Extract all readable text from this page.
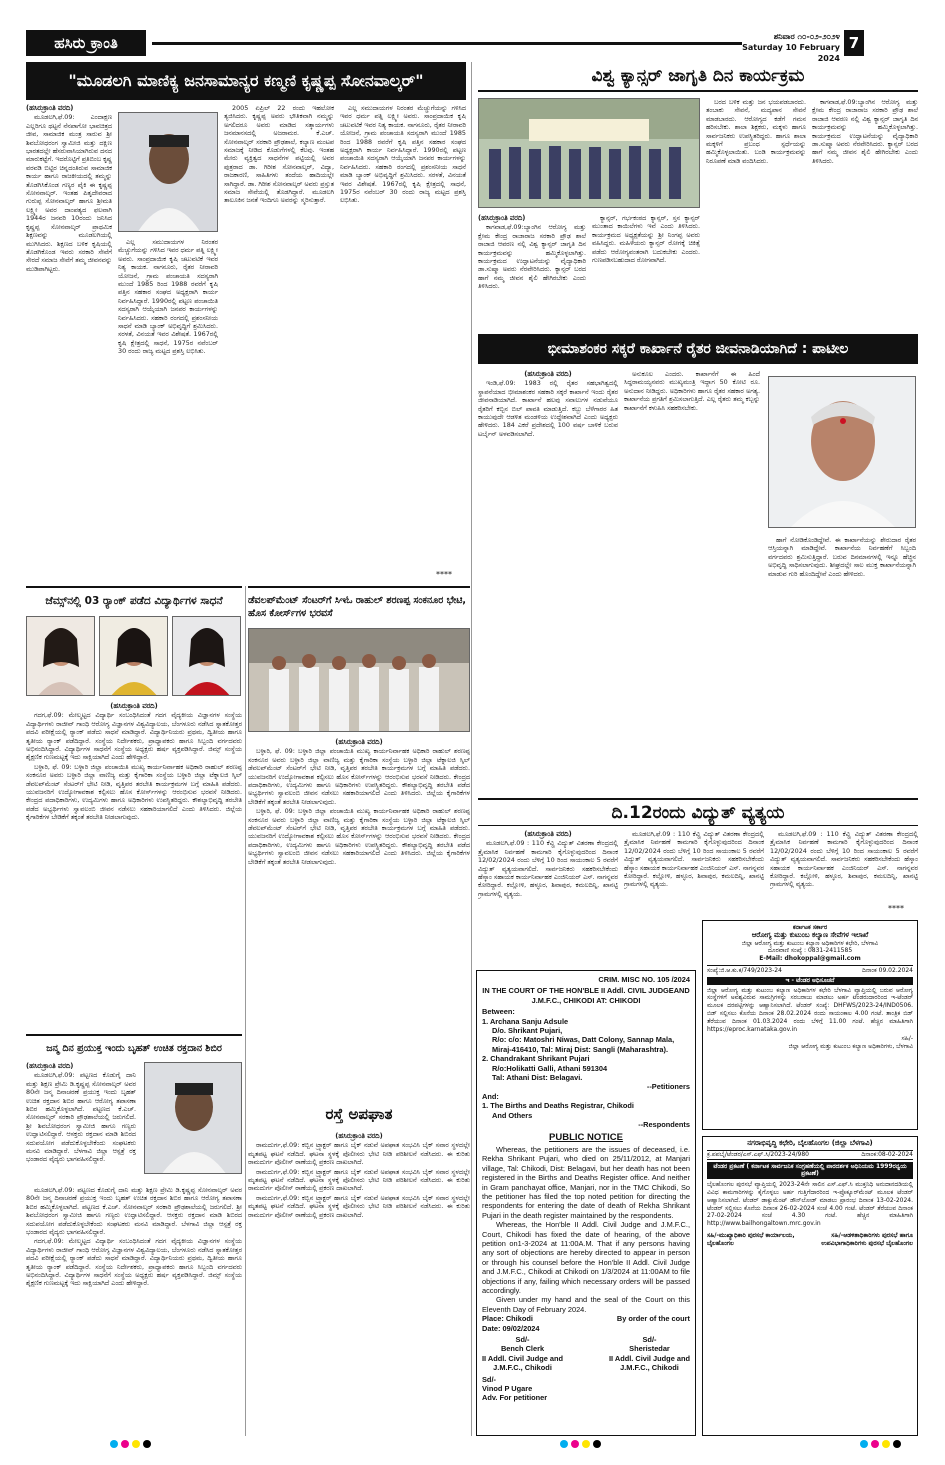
ಹಸಿರು ಕ್ರಾಂತಿ	ಶನಿವಾರ ೧೦-೦೨-೨೦೨೪
Saturday 10 February 2024
7
"ಮೂಡಲಗಿ ಮಾಣಿಕ್ಯ ಜನಸಾಮಾನ್ಯರ ಕಣ್ಮಣಿ ಕೃಷ್ಣಪ್ಪ ಸೋನವಾಲ್ಕರ್"

(ಹಸಿರುಕ್ರಾಂತಿ ವರದಿ)

ಮೂಡಲಗಿ,ಫೆ.09: ಎಂದಾಕ್ಷಣ ಎಲ್ಲರಿಗೂ ಥಟ್ಟನೆ ನೆನಪಾಗೋ ಭಾವಚಿತ್ರದ ಜೀವ, ಸಾಮಾಜಿಕ ಮಂತ್ರ ಸಾರುವ ಶ್ರೀ ಶಿವಬೋಧರಂಗ ಸ್ವಾಮೀಜಿ ಮತ್ತು ದಕ್ಷಿಣ ಭಾರತದಲ್ಲೇ ಹೆಸರುವಾಸಿಯಾಗಿರುವ ದನದ ಮಾರುಕಟ್ಟೆಗೆ. ಇದರೊಟ್ಟಿಗೆ ಪ್ರತಿಬಿಂಬ ಕೃಷ್ಣ ವರವಡಿ ಬಿಟ್ಟಿರ ಚಿನ್ನದಂತಿರುವ ಸಾಮಾಜಿಕ ಕಾರ್ಯ ಹಾಗೂ ರಾಜಕೀಯದಲ್ಲಿ ತಮ್ಮನ್ನು ತೊಡಗಿಸಿಕೊಂಡ ಗಣ್ಯರ ಪೈಕಿ ಈ ಕೃಷ್ಣಪ್ಪ ಸೋನವಾಲ್ಕರ್. ಇಂತಹ ಪಿತೃದೇವರಾದ ಗುರುಪ್ಪ ಸೋನವಾಲ್ಕರ್ ಹಾಗೂ ಶ್ರೀಮತಿ ಲಕ್ಷ್ಮೀ ಅವರ ದಾಂಪತ್ಯದ ಫಲವಾಗಿ 1944ರ ಜನವರಿ 10ರಂದು ಜನಿಸಿದ ಕೃಷ್ಣಪ್ಪ ಸೋನವಾಲ್ಕರ್ ಪ್ರಾಥಮಿಕ ಶಿಕ್ಷಣವನ್ನು ಮೂಡಲಗಿಯಲ್ಲಿ ಮುಗಿಸಿದರು. ಶಿಕ್ಷಣದ ಬಳಿಕ ಕೃಷಿಯಲ್ಲಿ ತೊಡಗಿಕೊಂಡ ಇವರು ಸರಕಾರಿ ಸೇವೆಗೆ ಸೇರದೆ ಸಮಾಜ ಸೇವೆಗೆ ತಮ್ಮ ಜೀವನವನ್ನು ಮುಡಿಪಾಗಿಟ್ಟರು.

ಎಲ್ಲ ಸಮುದಾಯಗಳ ನಿರಂತರ ಮೆಚ್ಚುಗೆಯನ್ನು ಗಳಿಸಿದ ಇವರ ಧರ್ಮ ಪತ್ನಿ ಲಕ್ಷ್ಮೀ ಅವರು. ಸಾಂಪ್ರದಾಯಿಕ ಕೃಷಿ ಚಟುವಟಿಕೆ ಇವರ ನಿತ್ಯ ಕಾಯಕ. ನಾಗನೂರು, ರೈತರ ನೀರಾವರಿ ಯೋಜನೆ, ಗ್ರಾಮ ಪಂಚಾಯತಿ ಸದಸ್ಯರಾಗಿ ಮುಂದೆ 1985 ರಿಂದ 1988 ರವರೆಗೆ ಕೃಷಿ ಪತ್ತಿನ ಸಹಕಾರ ಸಂಘದ ಅಧ್ಯಕ್ಷರಾಗಿ ಕಾರ್ಯ ನಿರ್ವಹಿಸಿದ್ದಾರೆ. 1990ರಲ್ಲಿ ಪಟ್ಟಣ ಪಂಚಾಯಿತಿ ಸದಸ್ಯರಾಗಿ ಆಯ್ಕೆಯಾಗಿ ಜನಪರ ಕಾರ್ಯಗಳನ್ನು ನಿರ್ವಹಿಸಿದರು. ಸಹಕಾರಿ ರಂಗದಲ್ಲಿ ಪ್ರಶಂಸನೀಯ ಸಾಧನೆ ಮಾಡಿ ಬ್ಯಾಂಕ್ ಅಭಿವೃದ್ಧಿಗೆ ಶ್ರಮಿಸಿದರು. ಸರಳತೆ, ವಿನಯತೆ ಇವರ ವಿಶೇಷತೆ. 1967ರಲ್ಲಿ ಕೃಷಿ ಕ್ಷೇತ್ರದಲ್ಲಿ ಸಾಧನೆ, 1975ರ ನವೆಂಬರ್ 30 ರಂದು ರಾಜ್ಯ ಮಟ್ಟದ ಪ್ರಶಸ್ತಿ ಲಭಿಸಿತು.

2005 ಏಪ್ರಿಲ್ 22 ರಂದು ಇಹಲೋಕ ತ್ಯಜಿಸಿದರು. ಕೃಷ್ಣಪ್ಪ ಅವರು ಭೌತಿಕವಾಗಿ ನಮ್ಮನ್ನು ಅಗಲಿದರೂ ಅವರು ಮಾಡಿದ ಸತ್ಕಾರ್ಯಗಳು ಜನಮಾನಸದಲ್ಲಿ ಅಜರಾಮರ. ಕೆ.ಎಚ್. ಸೋನವಾಲ್ಕರ್ ಸರಕಾರಿ ಪ್ರೌಢಶಾಲೆ, ಕಲ್ಯಾಣ ಮಂಟಪ ಸಮಾಜಕ್ಕೆ ನೀಡಿದ ಕೊಡುಗೆಗಳಲ್ಲಿ ಕೆಲವು. ಇಂತಹ ಮೇರು ವ್ಯಕ್ತಿತ್ವದ ಸಾಧನೆಗಳ ಪಟ್ಟಿಯಲ್ಲಿ ಅವರ ಪುತ್ರರಾದ ಡಾ. ಗಿರೀಶ ಸೋನವಾಲ್ಕರ್, ವಿದ್ಯಾ, ರಾಜಕಾರಣಿ, ಸಾಹಿತಿಗಳು ತಂದೆಯ ಹಾದಿಯಲ್ಲೇ ಸಾಗಿದ್ದಾರೆ. ಡಾ. ಗಿರೀಶ ಸೋನವಾಲ್ಕರ್ ಅವರು ಪ್ರಸ್ತುತ ಸಮಾಜ ಸೇವೆಯಲ್ಲಿ ತೊಡಗಿದ್ದಾರೆ. ಮೂಡಲಗಿ ತಾಲೂಕಿನ ಜನತೆ ಇಂದಿಗೂ ಅವರನ್ನು ಸ್ಮರಿಸುತ್ತಾರೆ.

ಎಲ್ಲ ಸಮುದಾಯಗಳ ನಿರಂತರ ಮೆಚ್ಚುಗೆಯನ್ನು ಗಳಿಸಿದ ಇವರ ಧರ್ಮ ಪತ್ನಿ ಲಕ್ಷ್ಮೀ ಅವರು. ಸಾಂಪ್ರದಾಯಿಕ ಕೃಷಿ ಚಟುವಟಿಕೆ ಇವರ ನಿತ್ಯ ಕಾಯಕ. ನಾಗನೂರು, ರೈತರ ನೀರಾವರಿ ಯೋಜನೆ, ಗ್ರಾಮ ಪಂಚಾಯತಿ ಸದಸ್ಯರಾಗಿ ಮುಂದೆ 1985 ರಿಂದ 1988 ರವರೆಗೆ ಕೃಷಿ ಪತ್ತಿನ ಸಹಕಾರ ಸಂಘದ ಅಧ್ಯಕ್ಷರಾಗಿ ಕಾರ್ಯ ನಿರ್ವಹಿಸಿದ್ದಾರೆ. 1990ರಲ್ಲಿ ಪಟ್ಟಣ ಪಂಚಾಯಿತಿ ಸದಸ್ಯರಾಗಿ ಆಯ್ಕೆಯಾಗಿ ಜನಪರ ಕಾರ್ಯಗಳನ್ನು ನಿರ್ವಹಿಸಿದರು. ಸಹಕಾರಿ ರಂಗದಲ್ಲಿ ಪ್ರಶಂಸನೀಯ ಸಾಧನೆ ಮಾಡಿ ಬ್ಯಾಂಕ್ ಅಭಿವೃದ್ಧಿಗೆ ಶ್ರಮಿಸಿದರು. ಸರಳತೆ, ವಿನಯತೆ ಇವರ ವಿಶೇಷತೆ. 1967ರಲ್ಲಿ ಕೃಷಿ ಕ್ಷೇತ್ರದಲ್ಲಿ ಸಾಧನೆ, 1975ರ ನವೆಂಬರ್ 30 ರಂದು ರಾಜ್ಯ ಮಟ್ಟದ ಪ್ರಶಸ್ತಿ ಲಭಿಸಿತು.

****
ವಿಶ್ವ ಕ್ಯಾನ್ಸರ್ ಜಾಗೃತಿ ದಿನ ಕಾರ್ಯಕ್ರಮ

(ಹಸಿರುಕ್ರಾಂತಿ ವರದಿ)

ಕಾಗವಾಡ,ಫೆ.09:ಬ್ಯಾಂಗಿನ ಆರೋಗ್ಯ ಮತ್ತು ಕ್ಷೇಮ ಕೇಂದ್ರ ರಾಜಾರಾಜ ಸರಕಾರಿ ಪ್ರೌಢ ಶಾಲೆ ರಾಜಾಜಿ ಆವರಣ ನಲ್ಲಿ ವಿಶ್ವ ಕ್ಯಾನ್ಸರ್ ಜಾಗೃತಿ ದಿನ ಕಾರ್ಯಕ್ರಮವನ್ನು ಹಮ್ಮಿಕೊಳ್ಳಲಾಗಿತ್ತು. ಕಾರ್ಯಕ್ರಮದ ಉದ್ಘಾಟನೆಯನ್ನು ವೈದ್ಯಾಧಿಕಾರಿ ಡಾ.ಸುಷ್ಮಾ ಅವರು ನೆರವೇರಿಸಿದರು. ಕ್ಯಾನ್ಸರ್ ಬರದ ಹಾಗೆ ನಮ್ಮ ಜೀವನ ಶೈಲಿ ಹೇಗಿರಬೇಕು ಎಂದು ತಿಳಿಸಿದರು.

ಕ್ಯಾನ್ಸರ್, ಗರ್ಭಕಂಠದ ಕ್ಯಾನ್ಸರ್, ಸ್ತನ ಕ್ಯಾನ್ಸರ್ ಮುಂತಾದ ಕಾಯಿಲೆಗಳು ಇವೆ ಎಂದು ತಿಳಿಸಿದರು. ಕಾರ್ಯಕ್ರಮದ ಅಧ್ಯಕ್ಷತೆಯನ್ನು ಶ್ರೀ ನಿಂಗಪ್ಪ ಅವರು ವಹಿಸಿದ್ದರು. ಮಹಿಳೆಯರು ಕ್ಯಾನ್ಸರ್ ರೋಗಕ್ಕೆ ಚಿಕಿತ್ಸೆ ಪಡೆದು ಆರೋಗ್ಯವಂತರಾಗಿ ಬದುಕಬೇಕು ಎಂದರು. ಗುಣಪಡಿಸಬಹುದಾದ ರೋಗವಾಗಿದೆ.

ಬರದ ಬಳಿಕ ಮತ್ತು ಜನ ಭಯಪಡಬಾರದು. ತಂಬಾಕು ಸೇವನೆ, ಮದ್ಯಪಾನ ಸೇವನೆ ಮಾಡಬಾರದು. ಆರೋಗ್ಯದ ಕಡೆಗೆ ಗಮನ ಹರಿಸಬೇಕು. ಶಾಲಾ ಶಿಕ್ಷಕರು, ಮಕ್ಕಳು ಹಾಗೂ ಸಾರ್ವಜನಿಕರು ಉಪಸ್ಥಿತರಿದ್ದರು. ಹಾಗೂ ಶಾಲಾ ಮಕ್ಕಳಿಗೆ ಪ್ರಬಂಧ ಸ್ಪರ್ಧೆಯನ್ನು ಹಮ್ಮಿಕೊಳ್ಳಲಾಯಿತು. ಬಂಡಿ ಕಾರ್ಯಕ್ರಮವನ್ನು ನಿರೂಪಣೆ ಮಾಡಿ ವಂದಿಸಿದರು.

ಕಾಗವಾಡ,ಫೆ.09:ಬ್ಯಾಂಗಿನ ಆರೋಗ್ಯ ಮತ್ತು ಕ್ಷೇಮ ಕೇಂದ್ರ ರಾಜಾರಾಜ ಸರಕಾರಿ ಪ್ರೌಢ ಶಾಲೆ ರಾಜಾಜಿ ಆವರಣ ನಲ್ಲಿ ವಿಶ್ವ ಕ್ಯಾನ್ಸರ್ ಜಾಗೃತಿ ದಿನ ಕಾರ್ಯಕ್ರಮವನ್ನು ಹಮ್ಮಿಕೊಳ್ಳಲಾಗಿತ್ತು. ಕಾರ್ಯಕ್ರಮದ ಉದ್ಘಾಟನೆಯನ್ನು ವೈದ್ಯಾಧಿಕಾರಿ ಡಾ.ಸುಷ್ಮಾ ಅವರು ನೆರವೇರಿಸಿದರು. ಕ್ಯಾನ್ಸರ್ ಬರದ ಹಾಗೆ ನಮ್ಮ ಜೀವನ ಶೈಲಿ ಹೇಗಿರಬೇಕು ಎಂದು ತಿಳಿಸಿದರು.

ಭೀಮಾಶಂಕರ ಸಕ್ಕರೆ ಕಾರ್ಖಾನೆ ರೈತರ ಜೀವನಾಡಿಯಾಗಿದೆ : ಪಾಟೀಲ

(ಹಸಿರುಕ್ರಾಂತಿ ವರದಿ)

ಇಂಡಿ,ಫೆ.09: 1983 ರಲ್ಲಿ ರೈತರ ಸಹಭಾಗಿತ್ವದಲ್ಲಿ ಸ್ಥಾಪನೆಯಾದ ಭೀಮಾಶಂಕರ ಸಹಕಾರಿ ಸಕ್ಕರೆ ಕಾರ್ಖಾನೆ ಇಂದು ರೈತರ ಜೀವನಾಡಿಯಾಗಿದೆ. ಕಾರ್ಖಾನೆ ಹಲವು ಸವಾಲುಗಳ ನಡುವೆಯೂ ರೈತರಿಗೆ ಕಬ್ಬಿನ ಬಿಲ್ ಪಾವತಿ ಮಾಡುತ್ತಿದೆ. ಕಬ್ಬು ಬೆಳೆಗಾರರ ಹಿತ ಕಾಯುವುದೇ ಆಡಳಿತ ಮಂಡಳಿಯ ಉದ್ದೇಶವಾಗಿದೆ ಎಂದು ಅಧ್ಯಕ್ಷರು ಹೇಳಿದರು. 184 ಎಕರೆ ಪ್ರದೇಶದಲ್ಲಿ 100 ವರ್ಷ ಬಾಳಿಕೆ ಬರುವ ಟರ್ಬೈನ್ ಅಳವಡಿಸಲಾಗಿದೆ.

ಅನುಕೂಲ ಎಂದರು. ಕಾರ್ಖಾನೆಗೆ ಈ ಹಿಂದೆ ಸಿದ್ಧರಾಮಯ್ಯನವರು ಮುಖ್ಯಮಂತ್ರಿ ಇದ್ದಾಗ 50 ಕೋಟಿ ರೂ. ಅನುದಾನ ನೀಡಿದ್ದರು. ಅಧಿಕಾರಿಗಳು ಹಾಗೂ ರೈತರ ಸಹಕಾರ ಅಗತ್ಯ. ಕಾರ್ಖಾನೆಯ ಪ್ರಗತಿಗೆ ಶ್ರಮಿಸಲಾಗುತ್ತಿದೆ. ಎಲ್ಲ ರೈತರು ತಮ್ಮ ಕಬ್ಬನ್ನು ಕಾರ್ಖಾನೆಗೆ ಕಳುಹಿಸಿ ಸಹಕರಿಸಬೇಕು.

ಹಾಗೆ ನೋಡಿಕೊಂಡಿದ್ದೇವೆ. ಈ ಕಾರ್ಖಾನೆಯನ್ನು ಶೇರುದಾರ ರೈತರ ಆಸ್ತಿಯನ್ನಾಗಿ ಮಾಡಿದ್ದೇವೆ. ಕಾರ್ಖಾನೆಯ ನಿರ್ವಹಣೆಗೆ ಸಿಬ್ಬಂದಿ ವರ್ಗದವರು ಶ್ರಮಿಸುತ್ತಿದ್ದಾರೆ. ಬರುವ ದಿನಮಾನಗಳಲ್ಲಿ ಇನ್ನೂ ಹೆಚ್ಚಿನ ಅಭಿವೃದ್ಧಿ ಸಾಧಿಸಲಾಗುವುದು. ಶೀಘ್ರದಲ್ಲೇ ಸಾಲ ಮುಕ್ತ ಕಾರ್ಖಾನೆಯನ್ನಾಗಿ ಮಾಡುವ ಗುರಿ ಹೊಂದಿದ್ದೇವೆ ಎಂದು ಹೇಳಿದರು.

ಜೆಮ್ಸ್‌ನಲ್ಲಿ 03 ರ್‍ಯಾಂಕ್ ಪಡೆದ ವಿದ್ಯಾರ್ಥಿಗಳ ಸಾಧನೆ

(ಹಸಿರುಕ್ರಾಂತಿ ವರದಿ)

ಗದಗ,ಫೆ.09: ಮೇಲ್ಮಟ್ಟದ ವಿದ್ಯಾರ್ಥಿ ಸಂಬಂಧಿಸಿದಂತೆ ಗದಗ ವೈದ್ಯಕೀಯ ವಿಜ್ಞಾನಗಳ ಸಂಸ್ಥೆಯ ವಿದ್ಯಾರ್ಥಿಗಳು ರಾಜೀವ್ ಗಾಂಧಿ ಆರೋಗ್ಯ ವಿಜ್ಞಾನಗಳ ವಿಶ್ವವಿದ್ಯಾಲಯ, ಬೆಂಗಳೂರು ನಡೆಸಿದ ಸ್ನಾತಕೋತ್ತರ ಪದವಿ ಪರೀಕ್ಷೆಯಲ್ಲಿ ರ್‍ಯಾಂಕ್ ಪಡೆದು ಸಾಧನೆ ಮಾಡಿದ್ದಾರೆ. ವಿದ್ಯಾರ್ಥಿನಿಯರು ಪ್ರಥಮ, ದ್ವಿತೀಯ ಹಾಗೂ ತೃತೀಯ ರ್‍ಯಾಂಕ್ ಪಡೆದಿದ್ದಾರೆ. ಸಂಸ್ಥೆಯ ನಿರ್ದೇಶಕರು, ಪ್ರಾಧ್ಯಾಪಕರು ಹಾಗೂ ಸಿಬ್ಬಂದಿ ವರ್ಗದವರು ಅಭಿನಂದಿಸಿದ್ದಾರೆ. ವಿದ್ಯಾರ್ಥಿಗಳ ಸಾಧನೆಗೆ ಸಂಸ್ಥೆಯ ಅಧ್ಯಕ್ಷರು ಹರ್ಷ ವ್ಯಕ್ತಪಡಿಸಿದ್ದಾರೆ. ಜಿಮ್ಸ್ ಸಂಸ್ಥೆಯ ಶೈಕ್ಷಣಿಕ ಗುಣಮಟ್ಟಕ್ಕೆ ಇದು ಸಾಕ್ಷಿಯಾಗಿದೆ ಎಂದು ಹೇಳಿದ್ದಾರೆ.

ಬಳ್ಳಾರಿ, ಫೆ. 09: ಬಳ್ಳಾರಿ ಜಿಲ್ಲಾ ಪಂಚಾಯಿತಿ ಮುಖ್ಯ ಕಾರ್ಯನಿರ್ವಾಹಕ ಅಧಿಕಾರಿ ರಾಹುಲ್ ಶರಣಪ್ಪ ಸಂಕನೂರ ಅವರು ಬಳ್ಳಾರಿ ಜಿಲ್ಲಾ ವಾಣಿಜ್ಯ ಮತ್ತು ಕೈಗಾರಿಕಾ ಸಂಸ್ಥೆಯ ಬಳ್ಳಾರಿ ಜಿಲ್ಲಾ ಟೆಕ್ನಾಲಜಿ ಸ್ಕಿಲ್ ಡೆವಲಪ್‌ಮೆಂಟ್ ಸೆಂಟರ್‌ಗೆ ಭೇಟಿ ನೀಡಿ, ವೃತ್ತಿಪರ ತರಬೇತಿ ಕಾರ್ಯಕ್ರಮಗಳ ಬಗ್ಗೆ ಮಾಹಿತಿ ಪಡೆದರು. ಯುವಜನರಿಗೆ ಉದ್ಯೋಗಾವಕಾಶ ಕಲ್ಪಿಸಲು ಹೊಸ ಕೋರ್ಸ್‌ಗಳನ್ನು ಆರಂಭಿಸುವ ಭರವಸೆ ನೀಡಿದರು. ಕೇಂದ್ರದ ಪದಾಧಿಕಾರಿಗಳು, ಉದ್ಯಮಿಗಳು ಹಾಗೂ ಅಧಿಕಾರಿಗಳು ಉಪಸ್ಥಿತರಿದ್ದರು. ಕೌಶಲ್ಯಾಭಿವೃದ್ಧಿ ತರಬೇತಿ ಪಡೆದ ಅಭ್ಯರ್ಥಿಗಳು ಸ್ವಾವಲಂಬಿ ಜೀವನ ನಡೆಸಲು ಸಹಕಾರಿಯಾಗಲಿದೆ ಎಂದು ತಿಳಿಸಿದರು. ಜಿಲ್ಲೆಯ ಕೈಗಾರಿಕೆಗಳ ಬೇಡಿಕೆಗೆ ತಕ್ಕಂತೆ ತರಬೇತಿ ನೀಡಲಾಗುವುದು.

ಜನ್ಮ ದಿನ ಪ್ರಯುಕ್ತ ಇಂದು ಬೃಹತ್ ಉಚಿತ ರಕ್ತದಾನ ಶಿಬಿರ

(ಹಸಿರುಕ್ರಾಂತಿ ವರದಿ)

ಮೂಡಲಗಿ,ಫೆ.09: ಪಟ್ಟಣದ ಕೊಡುಗೈ ದಾನಿ ಮತ್ತು ಶಿಕ್ಷಣ ಪ್ರೇಮಿ ಡಿ.ಕೃಷ್ಣಪ್ಪ ಸೋನವಾಲ್ಕರ್ ಅವರ 80ನೇ ಜನ್ಮ ದಿನಾಚರಣೆ ಪ್ರಯುಕ್ತ ಇಂದು ಬೃಹತ್ ಉಚಿತ ರಕ್ತದಾನ ಶಿಬಿರ ಹಾಗೂ ಆರೋಗ್ಯ ತಪಾಸಣಾ ಶಿಬಿರ ಹಮ್ಮಿಕೊಳ್ಳಲಾಗಿದೆ. ಪಟ್ಟಣದ ಕೆ.ಎಚ್. ಸೋನವಾಲ್ಕರ್ ಸರಕಾರಿ ಪ್ರೌಢಶಾಲೆಯಲ್ಲಿ ಜರುಗಲಿದೆ. ಶ್ರೀ ಶಿವಬೋಧರಂಗ ಸ್ವಾಮೀಜಿ ಹಾಗೂ ಗಣ್ಯರು ಉದ್ಘಾಟಿಸಲಿದ್ದಾರೆ. ಆಸಕ್ತರು ರಕ್ತದಾನ ಮಾಡಿ ಶಿಬಿರದ ಸದುಪಯೋಗ ಪಡೆದುಕೊಳ್ಳಬೇಕೆಂದು ಸಂಘಟಕರು ಮನವಿ ಮಾಡಿದ್ದಾರೆ. ಬೆಳಗಾವಿ ಜಿಲ್ಲಾ ಆಸ್ಪತ್ರೆ ರಕ್ತ ಭಂಡಾರದ ವೈದ್ಯರು ಭಾಗವಹಿಸಲಿದ್ದಾರೆ.

ಮೂಡಲಗಿ,ಫೆ.09: ಪಟ್ಟಣದ ಕೊಡುಗೈ ದಾನಿ ಮತ್ತು ಶಿಕ್ಷಣ ಪ್ರೇಮಿ ಡಿ.ಕೃಷ್ಣಪ್ಪ ಸೋನವಾಲ್ಕರ್ ಅವರ 80ನೇ ಜನ್ಮ ದಿನಾಚರಣೆ ಪ್ರಯುಕ್ತ ಇಂದು ಬೃಹತ್ ಉಚಿತ ರಕ್ತದಾನ ಶಿಬಿರ ಹಾಗೂ ಆರೋಗ್ಯ ತಪಾಸಣಾ ಶಿಬಿರ ಹಮ್ಮಿಕೊಳ್ಳಲಾಗಿದೆ. ಪಟ್ಟಣದ ಕೆ.ಎಚ್. ಸೋನವಾಲ್ಕರ್ ಸರಕಾರಿ ಪ್ರೌಢಶಾಲೆಯಲ್ಲಿ ಜರುಗಲಿದೆ. ಶ್ರೀ ಶಿವಬೋಧರಂಗ ಸ್ವಾಮೀಜಿ ಹಾಗೂ ಗಣ್ಯರು ಉದ್ಘಾಟಿಸಲಿದ್ದಾರೆ. ಆಸಕ್ತರು ರಕ್ತದಾನ ಮಾಡಿ ಶಿಬಿರದ ಸದುಪಯೋಗ ಪಡೆದುಕೊಳ್ಳಬೇಕೆಂದು ಸಂಘಟಕರು ಮನವಿ ಮಾಡಿದ್ದಾರೆ. ಬೆಳಗಾವಿ ಜಿಲ್ಲಾ ಆಸ್ಪತ್ರೆ ರಕ್ತ ಭಂಡಾರದ ವೈದ್ಯರು ಭಾಗವಹಿಸಲಿದ್ದಾರೆ.

ಗದಗ,ಫೆ.09: ಮೇಲ್ಮಟ್ಟದ ವಿದ್ಯಾರ್ಥಿ ಸಂಬಂಧಿಸಿದಂತೆ ಗದಗ ವೈದ್ಯಕೀಯ ವಿಜ್ಞಾನಗಳ ಸಂಸ್ಥೆಯ ವಿದ್ಯಾರ್ಥಿಗಳು ರಾಜೀವ್ ಗಾಂಧಿ ಆರೋಗ್ಯ ವಿಜ್ಞಾನಗಳ ವಿಶ್ವವಿದ್ಯಾಲಯ, ಬೆಂಗಳೂರು ನಡೆಸಿದ ಸ್ನಾತಕೋತ್ತರ ಪದವಿ ಪರೀಕ್ಷೆಯಲ್ಲಿ ರ್‍ಯಾಂಕ್ ಪಡೆದು ಸಾಧನೆ ಮಾಡಿದ್ದಾರೆ. ವಿದ್ಯಾರ್ಥಿನಿಯರು ಪ್ರಥಮ, ದ್ವಿತೀಯ ಹಾಗೂ ತೃತೀಯ ರ್‍ಯಾಂಕ್ ಪಡೆದಿದ್ದಾರೆ. ಸಂಸ್ಥೆಯ ನಿರ್ದೇಶಕರು, ಪ್ರಾಧ್ಯಾಪಕರು ಹಾಗೂ ಸಿಬ್ಬಂದಿ ವರ್ಗದವರು ಅಭಿನಂದಿಸಿದ್ದಾರೆ. ವಿದ್ಯಾರ್ಥಿಗಳ ಸಾಧನೆಗೆ ಸಂಸ್ಥೆಯ ಅಧ್ಯಕ್ಷರು ಹರ್ಷ ವ್ಯಕ್ತಪಡಿಸಿದ್ದಾರೆ. ಜಿಮ್ಸ್ ಸಂಸ್ಥೆಯ ಶೈಕ್ಷಣಿಕ ಗುಣಮಟ್ಟಕ್ಕೆ ಇದು ಸಾಕ್ಷಿಯಾಗಿದೆ ಎಂದು ಹೇಳಿದ್ದಾರೆ.

ಡೆವಲಪ್‌ಮೆಂಟ್ ಸೆಂಟರ್‌ಗೆ ಸಿಇಓ ರಾಹುಲ್ ಶರಣಪ್ಪ ಸಂಕನೂರ ಭೇಟಿ, ಹೊಸ ಕೋರ್ಸ್‌ಗಳ ಭರವಸೆ

(ಹಸಿರುಕ್ರಾಂತಿ ವರದಿ)

ಬಳ್ಳಾರಿ, ಫೆ. 09: ಬಳ್ಳಾರಿ ಜಿಲ್ಲಾ ಪಂಚಾಯಿತಿ ಮುಖ್ಯ ಕಾರ್ಯನಿರ್ವಾಹಕ ಅಧಿಕಾರಿ ರಾಹುಲ್ ಶರಣಪ್ಪ ಸಂಕನೂರ ಅವರು ಬಳ್ಳಾರಿ ಜಿಲ್ಲಾ ವಾಣಿಜ್ಯ ಮತ್ತು ಕೈಗಾರಿಕಾ ಸಂಸ್ಥೆಯ ಬಳ್ಳಾರಿ ಜಿಲ್ಲಾ ಟೆಕ್ನಾಲಜಿ ಸ್ಕಿಲ್ ಡೆವಲಪ್‌ಮೆಂಟ್ ಸೆಂಟರ್‌ಗೆ ಭೇಟಿ ನೀಡಿ, ವೃತ್ತಿಪರ ತರಬೇತಿ ಕಾರ್ಯಕ್ರಮಗಳ ಬಗ್ಗೆ ಮಾಹಿತಿ ಪಡೆದರು. ಯುವಜನರಿಗೆ ಉದ್ಯೋಗಾವಕಾಶ ಕಲ್ಪಿಸಲು ಹೊಸ ಕೋರ್ಸ್‌ಗಳನ್ನು ಆರಂಭಿಸುವ ಭರವಸೆ ನೀಡಿದರು. ಕೇಂದ್ರದ ಪದಾಧಿಕಾರಿಗಳು, ಉದ್ಯಮಿಗಳು ಹಾಗೂ ಅಧಿಕಾರಿಗಳು ಉಪಸ್ಥಿತರಿದ್ದರು. ಕೌಶಲ್ಯಾಭಿವೃದ್ಧಿ ತರಬೇತಿ ಪಡೆದ ಅಭ್ಯರ್ಥಿಗಳು ಸ್ವಾವಲಂಬಿ ಜೀವನ ನಡೆಸಲು ಸಹಕಾರಿಯಾಗಲಿದೆ ಎಂದು ತಿಳಿಸಿದರು. ಜಿಲ್ಲೆಯ ಕೈಗಾರಿಕೆಗಳ ಬೇಡಿಕೆಗೆ ತಕ್ಕಂತೆ ತರಬೇತಿ ನೀಡಲಾಗುವುದು.

ಬಳ್ಳಾರಿ, ಫೆ. 09: ಬಳ್ಳಾರಿ ಜಿಲ್ಲಾ ಪಂಚಾಯಿತಿ ಮುಖ್ಯ ಕಾರ್ಯನಿರ್ವಾಹಕ ಅಧಿಕಾರಿ ರಾಹುಲ್ ಶರಣಪ್ಪ ಸಂಕನೂರ ಅವರು ಬಳ್ಳಾರಿ ಜಿಲ್ಲಾ ವಾಣಿಜ್ಯ ಮತ್ತು ಕೈಗಾರಿಕಾ ಸಂಸ್ಥೆಯ ಬಳ್ಳಾರಿ ಜಿಲ್ಲಾ ಟೆಕ್ನಾಲಜಿ ಸ್ಕಿಲ್ ಡೆವಲಪ್‌ಮೆಂಟ್ ಸೆಂಟರ್‌ಗೆ ಭೇಟಿ ನೀಡಿ, ವೃತ್ತಿಪರ ತರಬೇತಿ ಕಾರ್ಯಕ್ರಮಗಳ ಬಗ್ಗೆ ಮಾಹಿತಿ ಪಡೆದರು. ಯುವಜನರಿಗೆ ಉದ್ಯೋಗಾವಕಾಶ ಕಲ್ಪಿಸಲು ಹೊಸ ಕೋರ್ಸ್‌ಗಳನ್ನು ಆರಂಭಿಸುವ ಭರವಸೆ ನೀಡಿದರು. ಕೇಂದ್ರದ ಪದಾಧಿಕಾರಿಗಳು, ಉದ್ಯಮಿಗಳು ಹಾಗೂ ಅಧಿಕಾರಿಗಳು ಉಪಸ್ಥಿತರಿದ್ದರು. ಕೌಶಲ್ಯಾಭಿವೃದ್ಧಿ ತರಬೇತಿ ಪಡೆದ ಅಭ್ಯರ್ಥಿಗಳು ಸ್ವಾವಲಂಬಿ ಜೀವನ ನಡೆಸಲು ಸಹಕಾರಿಯಾಗಲಿದೆ ಎಂದು ತಿಳಿಸಿದರು. ಜಿಲ್ಲೆಯ ಕೈಗಾರಿಕೆಗಳ ಬೇಡಿಕೆಗೆ ತಕ್ಕಂತೆ ತರಬೇತಿ ನೀಡಲಾಗುವುದು.

ರಸ್ತೆ ಅಪಘಾತ

(ಹಸಿರುಕ್ರಾಂತಿ ವರದಿ)

ರಾಮದುರ್ಗ,ಫೆ.09: ಕಬ್ಬಿನ ಟ್ರ್ಯಾಕ್ಟರ್ ಹಾಗೂ ಬೈಕ್ ನಡುವೆ ಅಪಘಾತ ಸಂಭವಿಸಿ ಬೈಕ್ ಸವಾರ ಸ್ಥಳದಲ್ಲೇ ಮೃತಪಟ್ಟ ಘಟನೆ ನಡೆದಿದೆ. ಘಟನಾ ಸ್ಥಳಕ್ಕೆ ಪೊಲೀಸರು ಭೇಟಿ ನೀಡಿ ಪರಿಶೀಲನೆ ನಡೆಸಿದರು. ಈ ಕುರಿತು ರಾಮದುರ್ಗ ಪೊಲೀಸ್ ಠಾಣೆಯಲ್ಲಿ ಪ್ರಕರಣ ದಾಖಲಾಗಿದೆ.

ರಾಮದುರ್ಗ,ಫೆ.09: ಕಬ್ಬಿನ ಟ್ರ್ಯಾಕ್ಟರ್ ಹಾಗೂ ಬೈಕ್ ನಡುವೆ ಅಪಘಾತ ಸಂಭವಿಸಿ ಬೈಕ್ ಸವಾರ ಸ್ಥಳದಲ್ಲೇ ಮೃತಪಟ್ಟ ಘಟನೆ ನಡೆದಿದೆ. ಘಟನಾ ಸ್ಥಳಕ್ಕೆ ಪೊಲೀಸರು ಭೇಟಿ ನೀಡಿ ಪರಿಶೀಲನೆ ನಡೆಸಿದರು. ಈ ಕುರಿತು ರಾಮದುರ್ಗ ಪೊಲೀಸ್ ಠಾಣೆಯಲ್ಲಿ ಪ್ರಕರಣ ದಾಖಲಾಗಿದೆ.

ರಾಮದುರ್ಗ,ಫೆ.09: ಕಬ್ಬಿನ ಟ್ರ್ಯಾಕ್ಟರ್ ಹಾಗೂ ಬೈಕ್ ನಡುವೆ ಅಪಘಾತ ಸಂಭವಿಸಿ ಬೈಕ್ ಸವಾರ ಸ್ಥಳದಲ್ಲೇ ಮೃತಪಟ್ಟ ಘಟನೆ ನಡೆದಿದೆ. ಘಟನಾ ಸ್ಥಳಕ್ಕೆ ಪೊಲೀಸರು ಭೇಟಿ ನೀಡಿ ಪರಿಶೀಲನೆ ನಡೆಸಿದರು. ಈ ಕುರಿತು ರಾಮದುರ್ಗ ಪೊಲೀಸ್ ಠಾಣೆಯಲ್ಲಿ ಪ್ರಕರಣ ದಾಖಲಾಗಿದೆ.

ದಿ.12ರಂದು ವಿದ್ಯುತ್ ವ್ಯತ್ಯಯ

(ಹಸಿರುಕ್ರಾಂತಿ ವರದಿ)

ಮೂಡಲಗಿ,ಫೆ.09 : 110 ಕೆವ್ಹಿ ವಿದ್ಯುತ್ ವಿತರಣಾ ಕೇಂದ್ರದಲ್ಲಿ ತ್ರೈಮಾಸಿಕ ನಿರ್ವಹಣೆ ಕಾಮಗಾರಿ ಕೈಗೊಳ್ಳುವುದರಿಂದ ದಿನಾಂಕ 12/02/2024 ರಂದು ಬೆಳಿಗ್ಗೆ 10 ರಿಂದ ಸಾಯಂಕಾಲ 5 ರವರೆಗೆ ವಿದ್ಯುತ್ ವ್ಯತ್ಯಯವಾಗಲಿದೆ. ಸಾರ್ವಜನಿಕರು ಸಹಕರಿಸಬೇಕೆಂದು ಹೆಸ್ಕಾಂ ಸಹಾಯಕ ಕಾರ್ಯನಿರ್ವಾಹಕ ಎಂಜಿನಿಯರ್ ಎಸ್. ನಾಗನ್ನವರ ಕೋರಿದ್ದಾರೆ. ಕಲ್ಲೋಳಿ, ಹಳ್ಳೂರ, ಶಿವಾಪುರ, ಕಮಲದಿನ್ನಿ, ಖಾನಟ್ಟಿ ಗ್ರಾಮಗಳಲ್ಲಿ ವ್ಯತ್ಯಯ.

ಮೂಡಲಗಿ,ಫೆ.09 : 110 ಕೆವ್ಹಿ ವಿದ್ಯುತ್ ವಿತರಣಾ ಕೇಂದ್ರದಲ್ಲಿ ತ್ರೈಮಾಸಿಕ ನಿರ್ವಹಣೆ ಕಾಮಗಾರಿ ಕೈಗೊಳ್ಳುವುದರಿಂದ ದಿನಾಂಕ 12/02/2024 ರಂದು ಬೆಳಿಗ್ಗೆ 10 ರಿಂದ ಸಾಯಂಕಾಲ 5 ರವರೆಗೆ ವಿದ್ಯುತ್ ವ್ಯತ್ಯಯವಾಗಲಿದೆ. ಸಾರ್ವಜನಿಕರು ಸಹಕರಿಸಬೇಕೆಂದು ಹೆಸ್ಕಾಂ ಸಹಾಯಕ ಕಾರ್ಯನಿರ್ವಾಹಕ ಎಂಜಿನಿಯರ್ ಎಸ್. ನಾಗನ್ನವರ ಕೋರಿದ್ದಾರೆ. ಕಲ್ಲೋಳಿ, ಹಳ್ಳೂರ, ಶಿವಾಪುರ, ಕಮಲದಿನ್ನಿ, ಖಾನಟ್ಟಿ ಗ್ರಾಮಗಳಲ್ಲಿ ವ್ಯತ್ಯಯ.

ಮೂಡಲಗಿ,ಫೆ.09 : 110 ಕೆವ್ಹಿ ವಿದ್ಯುತ್ ವಿತರಣಾ ಕೇಂದ್ರದಲ್ಲಿ ತ್ರೈಮಾಸಿಕ ನಿರ್ವಹಣೆ ಕಾಮಗಾರಿ ಕೈಗೊಳ್ಳುವುದರಿಂದ ದಿನಾಂಕ 12/02/2024 ರಂದು ಬೆಳಿಗ್ಗೆ 10 ರಿಂದ ಸಾಯಂಕಾಲ 5 ರವರೆಗೆ ವಿದ್ಯುತ್ ವ್ಯತ್ಯಯವಾಗಲಿದೆ. ಸಾರ್ವಜನಿಕರು ಸಹಕರಿಸಬೇಕೆಂದು ಹೆಸ್ಕಾಂ ಸಹಾಯಕ ಕಾರ್ಯನಿರ್ವಾಹಕ ಎಂಜಿನಿಯರ್ ಎಸ್. ನಾಗನ್ನವರ ಕೋರಿದ್ದಾರೆ. ಕಲ್ಲೋಳಿ, ಹಳ್ಳೂರ, ಶಿವಾಪುರ, ಕಮಲದಿನ್ನಿ, ಖಾನಟ್ಟಿ ಗ್ರಾಮಗಳಲ್ಲಿ ವ್ಯತ್ಯಯ.

****
CRIM. MISC NO. 105 /2024
IN THE COURT OF THE HON'BLE II Addl. CIVIL JUDGEAND J.M.F.C., CHIKODI AT: CHIKODI
Between:
1. Archana Sanju Adsule
D/o. Shrikant Pujari,
R/o: c/o: Matoshri Niwas, Datt Colony, Sannap Mala, Miraj-416410, Tal: Miraj Dist: Sangli (Maharashtra).
2. Chandrakant Shrikant Pujari
R/o:Holikatti Galli, Athani 591304
Tal: Athani Dist: Belagavi.
--Petitioners
And:
1. The Births and Deaths Registrar, Chikodi
And Others
--Respondents
PUBLIC NOTICE
Whereas, the petitioners are the issues of deceased, i.e. Rekha Shrikant Pujari, who died on 25/11/2012, at Manjari village, Tal: Chikodi, Dist: Belagavi, but her death has not been registered in the Births and Deaths Register office. And neither in Gram panchayat office, Manjari, nor in the TMC Chikodi, So the petitioner has filed the top noted petition for directing the respondents for entering the date of death of Rekha Shrikant Pujari in the death register maintained by the respondents.
Whereas, the Hon'ble II Addl. Civil Judge and J.M.F.C., Court, Chikodi has fixed the date of hearing, of the above petition on1-3-2024 at 11:00A.M. That if any persons having any sort of objections are hereby directed to appear in person or through his counsel before the Hon'ble II Addl. Civil Judge and J.M.F.C., Chikodi at Chikodi on 1/3/2024 at 11:00AM to file objections if any, failing which necessary orders will be passed accordingly.
Given under my hand and the seal of the Court on this Eleventh Day of February 2024.
Place: Chikodi	By order of the court
Date: 09/02/2024
Sd/-
Bench Clerk
II Addl. Civil Judge and
J.M.F.C., Chikodi
Sd/-
Sheristedar
II Addl. Civil Judge and
J.M.F.C., Chikodi
Sd/-
Vinod P Ugare
Adv. For petitioner
ಕರ್ನಾಟಕ ಸರ್ಕಾರ
ಆರೋಗ್ಯ ಮತ್ತು ಕುಟುಂಬ ಕಲ್ಯಾಣ ಸೇವೆಗಳ ಇಲಾಖೆ
ಜಿಲ್ಲಾ ಆರೋಗ್ಯ ಮತ್ತು ಕುಟುಂಬ ಕಲ್ಯಾಣ ಅಧಿಕಾರಿಗಳ ಕಛೇರಿ, ಬೆಳಗಾವಿ
ದೂರವಾಣಿ ಸಂಖ್ಯೆ : 0831-2411585
E-Mail: dhokoppal@gmail.com
ಸಂಖ್ಯೆ:ಜಿ.ಆ.ಕು.ಕ/749/2023-24	ದಿನಾಂಕ 09.02.2024
ಇ - ಟೆಂಡರ ಅಧಿಸೂಚನೆ
ಜಿಲ್ಲಾ ಆರೋಗ್ಯ ಮತ್ತು ಕುಟುಂಬ ಕಲ್ಯಾಣ ಅಧಿಕಾರಿಗಳ ಕಛೇರಿ ಬೆಳಗಾವಿ ವ್ಯಾಪ್ತಿಯಲ್ಲಿ ಬರುವ ಆರೋಗ್ಯ ಸಂಸ್ಥೆಗಳಿಗೆ ಅವಶ್ಯವಿರುವ ಸಾಮಗ್ರಿಗಳನ್ನು ಸರಬರಾಜು ಮಾಡಲು ಅರ್ಹ ಟೆಂಡರುದಾರರಿಂದ ಇ-ಟೆಂಡರ್ ಮೂಲಕ ದರಪಟ್ಟಿಗಳನ್ನು ಆಹ್ವಾನಿಸಲಾಗಿದೆ. ಟೆಂಡರ್ ಸಂಖ್ಯೆ: DHFWS/2023-24/IND0506. ಬಿಡ್ ಸಲ್ಲಿಸಲು ಕೊನೆಯ ದಿನಾಂಕ 28.02.2024 ರಂದು ಸಾಯಂಕಾಲ 4.00 ಗಂಟೆ. ತಾಂತ್ರಿಕ ಬಿಡ್ ತೆರೆಯುವ ದಿನಾಂಕ 01.03.2024 ರಂದು ಬೆಳಿಗ್ಗೆ 11.00 ಗಂಟೆ. ಹೆಚ್ಚಿನ ಮಾಹಿತಿಗಾಗಿ https://eproc.karnataka.gov.in
ಸಹಿ/-
ಜಿಲ್ಲಾ ಆರೋಗ್ಯ ಮತ್ತು ಕುಟುಂಬ ಕಲ್ಯಾಣ ಅಧಿಕಾರಿಗಳು, ಬೆಳಗಾವಿ
ನಗರಾಭಿವೃದ್ಧಿ ಕಛೇರಿ, ಬೈಲಹೊಂಗಲ (ಜಿಲ್ಲಾ ಬೆಳಗಾವಿ)
ಕ್ರ.ಪಪಬೈ/ಟೆಂಡರ/ಎಸ್.ಎಫ್.ಸಿ/2023-24/980	ದಿನಾಂಕ:08-02-2024
ಟೆಂಡರ ಪ್ರಕಟಣೆ ( ಕರ್ನಾಟಕ ಸಾರ್ವಜನಿಕ ಸಂಗ್ರಹಣೆಯಲ್ಲಿ ಪಾರದರ್ಶಕ ಅಧಿನಿಯಮ 1999ರನ್ವಯ ಪ್ರಕಟಣೆ)
ಬೈಲಹೊಂಗಲ ಪುರಸಭೆ ವ್ಯಾಪ್ತಿಯಲ್ಲಿ 2023-24ನೇ ಸಾಲಿನ ಎಸ್.ಎಫ್.ಸಿ ಮುಕ್ತನಿಧಿ ಅನುದಾನದಡಿಯಲ್ಲಿ ವಿವಿಧ ಕಾಮಗಾರಿಗಳನ್ನು ಕೈಗೊಳ್ಳಲು ಅರ್ಹ ಗುತ್ತಿಗೆದಾರರಿಂದ ಇ-ಪ್ರೊಕ್ಯೂರ್‌ಮೆಂಟ್ ಮೂಲಕ ಟೆಂಡರ್ ಆಹ್ವಾನಿಸಲಾಗಿದೆ. ಟೆಂಡರ್ ಡಾಕ್ಯುಮೆಂಟ್ ಡೌನ್‌ಲೋಡ್ ಮಾಡಲು ಪ್ರಾರಂಭ ದಿನಾಂಕ 13-02-2024. ಟೆಂಡರ್ ಸಲ್ಲಿಸಲು ಕೊನೆಯ ದಿನಾಂಕ 26-02-2024 ಸಂಜೆ 4.00 ಗಂಟೆ. ಟೆಂಡರ್ ತೆರೆಯುವ ದಿನಾಂಕ 27-02-2024 ಸಂಜೆ 4.30 ಗಂಟೆ. ಹೆಚ್ಚಿನ ಮಾಹಿತಿಗಾಗಿ http://www.bailhongaltown.mrc.gov.in
ಸಹಿ/-ಮುಖ್ಯಾಧಿಕಾರಿ ಪುರಸಭೆ ಕಾರ್ಯಾಲಯ, ಬೈಲಹೊಂಗಲ
ಸಹಿ/-ಆಡಳಿತಾಧಿಕಾರಿಗಳು ಪುರಸಭೆ ಹಾಗೂ ಉಪವಿಭಾಗಾಧಿಕಾರಿಗಳು ಪುರಸಭೆ ಬೈಲಹೊಂಗಲ
